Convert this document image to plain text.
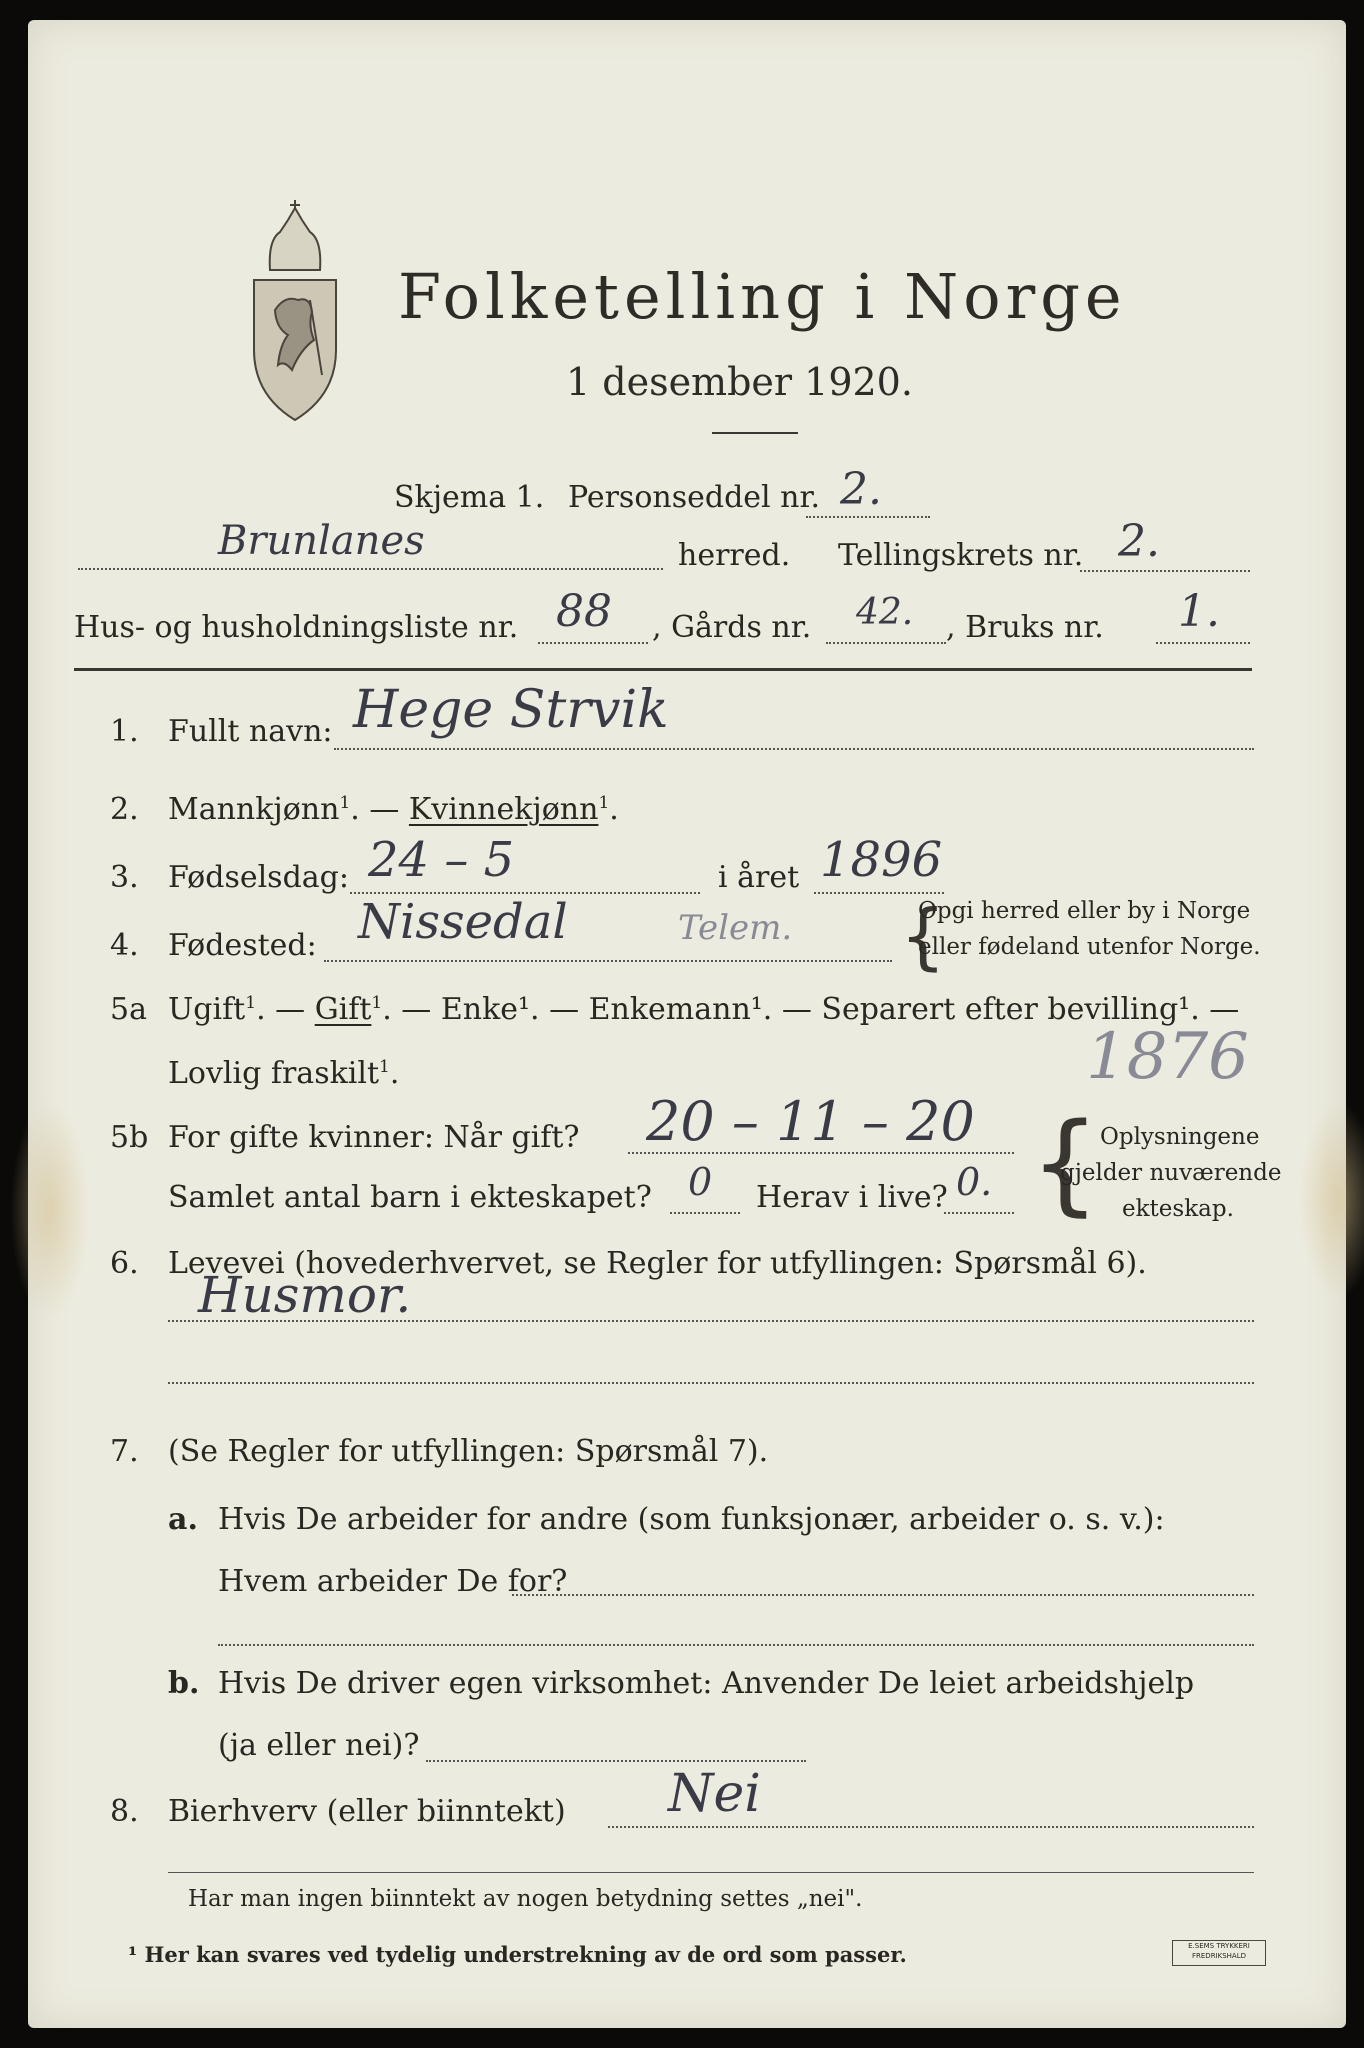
Folketelling i Norge
1 desember 1920.
Skjema 1. Personseddel nr. 2.
Brunlanes	herred. Tellingskrets nr. 2.
Hus- og husholdningsliste nr. 88 , Gårds nr. 42. , Bruks nr. 1.
1. Fullt navn: Hege Strvik
2. Mannkjønn$^1$. — Kvinnekjønn$^1$.
3. Fødselsdag: 24 – 5	i året 1896
4. Fødested: Nissedal	Telem. {
Opgi herred eller by i Norge
eller fødeland utenfor Norge.
5a Ugift$^1$. — Gift$^1$. — Enke¹. — Enkemann¹. — Separert efter bevilling¹. —
Lovlig fraskilt$^1$.	1876
5b For gifte kvinner: Når gift? 20 – 11 – 20
Samlet antal barn i ekteskapet? 0 Herav i live? 0. { Oplysningene
gjelder nuværende
ekteskap.
6. Levevei (hovederhvervet, se Regler for utfyllingen: Spørsmål 6).
Husmor.
7. (Se Regler for utfyllingen: Spørsmål 7).
a. Hvis De arbeider for andre (som funksjonær, arbeider o. s. v.):
Hvem arbeider De for?
b. Hvis De driver egen virksomhet: Anvender De leiet arbeidshjelp
(ja eller nei)?
8. Bierhverv (eller biinntekt) Nei
Har man ingen biinntekt av nogen betydning settes „nei".
¹ Her kan svares ved tydelig understrekning av de ord som passer.	E.SEMS TRYKKERI FREDRIKSHALD
